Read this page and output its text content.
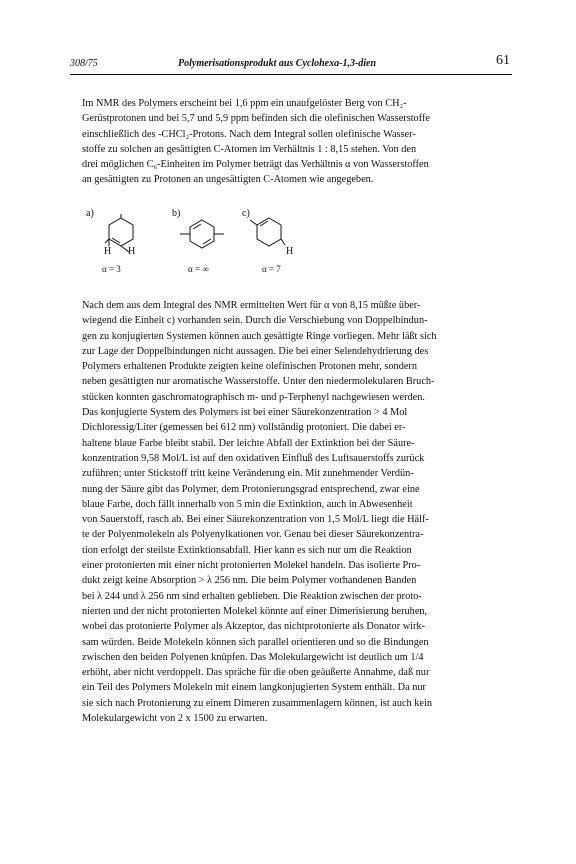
308/75	Polymerisationsprodukt aus Cyclohexa-1,3-dien	61
Im NMR des Polymers erscheint bei 1,6 ppm ein unaufgelöster Berg von CH₂-
Gerüstprotonen und bei 5,7 und 5,9 ppm befinden sich die olefinischen Wasserstoffe
einschließlich des -CHCl₂-Protons. Nach dem Integral sollen olefinische Wasser-
stoffe zu solchen an gesättigten C-Atomen im Verhältnis 1 : 8,15 stehen. Von den
drei möglichen C₆-Einheiten im Polymer beträgt das Verhältnis α von Wasserstoffen
an gesättigten zu Protonen an ungesättigten C-Atomen wie angegeben.
a)	b)	c)
H H
α = 3	α = ∞
H
α = 7
Nach dem aus dem Integral des NMR ermittelten Wert für α von 8,15 müßte über-
wiegend die Einheit c) vorhanden sein. Durch die Verschiebung von Doppelbindun-
gen zu konjugierten Systemen können auch gesättigte Ringe vorliegen. Mehr läßt sich
zur Lage der Doppelbindungen nicht aussagen. Die bei einer Selendehydrierung des
Polymers erhaltenen Produkte zeigten keine olefinischen Protonen mehr, sondern
neben gesättigten nur aromatische Wasserstoffe. Unter den niedermolekularen Bruch-
stücken konnten gaschromatographisch m- und p-Terphenyl nachgewiesen werden.
Das konjugierte System des Polymers ist bei einer Säurekonzentration > 4 Mol
Dichloressig/Liter (gemessen bei 612 nm) vollständig protoniert. Die dabei er-
haltene blaue Farbe bleibt stabil. Der leichte Abfall der Extinktion bei der Säure-
konzentration 9,58 Mol/L ist auf den oxidativen Einfluß des Luftsauerstoffs zurück
zuführen; unter Stickstoff tritt keine Veränderung ein. Mit zunehmender Verdün-
nung der Säure gibt das Polymer, dem Protonierungsgrad entsprechend, zwar eine
blaue Farbe, doch fällt innerhalb von 5 min die Extinktion, auch in Abwesenheit
von Sauerstoff, rasch ab. Bei einer Säurekonzentration von 1,5 Mol/L liegt die Hälf-
te der Polyenmolekeln als Polyenylkationen vor. Genau bei dieser Säurekonzentra-
tion erfolgt der steilste Extinktionsabfall. Hier kann es sich nur um die Reaktion
einer protonierten mit einer nicht protonierten Molekel handeln. Das isolierte Pro-
dukt zeigt keine Absorption > λ 256 nm. Die beim Polymer vorhandenen Banden
bei λ 244 und λ 256 nm sind erhalten geblieben. Die Reaktion zwischen der proto-
nierten und der nicht protonierten Molekel könnte auf einer Dimerisierung beruhen,
wobei das protonierte Polymer als Akzeptor, das nichtprotonierte als Donator wirk-
sam würden. Beide Molekeln können sich parallel orientieren und so die Bindungen
zwischen den beiden Polyenen knüpfen. Das Molekulargewicht ist deutlich um 1/4
erhöht, aber nicht verdoppelt. Das spräche für die oben geäußerte Annahme, daß nur
ein Teil des Polymers Molekeln mit einem langkonjugierten System enthält. Da nur
sie sich nach Protonierung zu einem Dimeren zusammenlagern können, ist auch kein
Molekulargewicht von 2 x 1500 zu erwarten.
